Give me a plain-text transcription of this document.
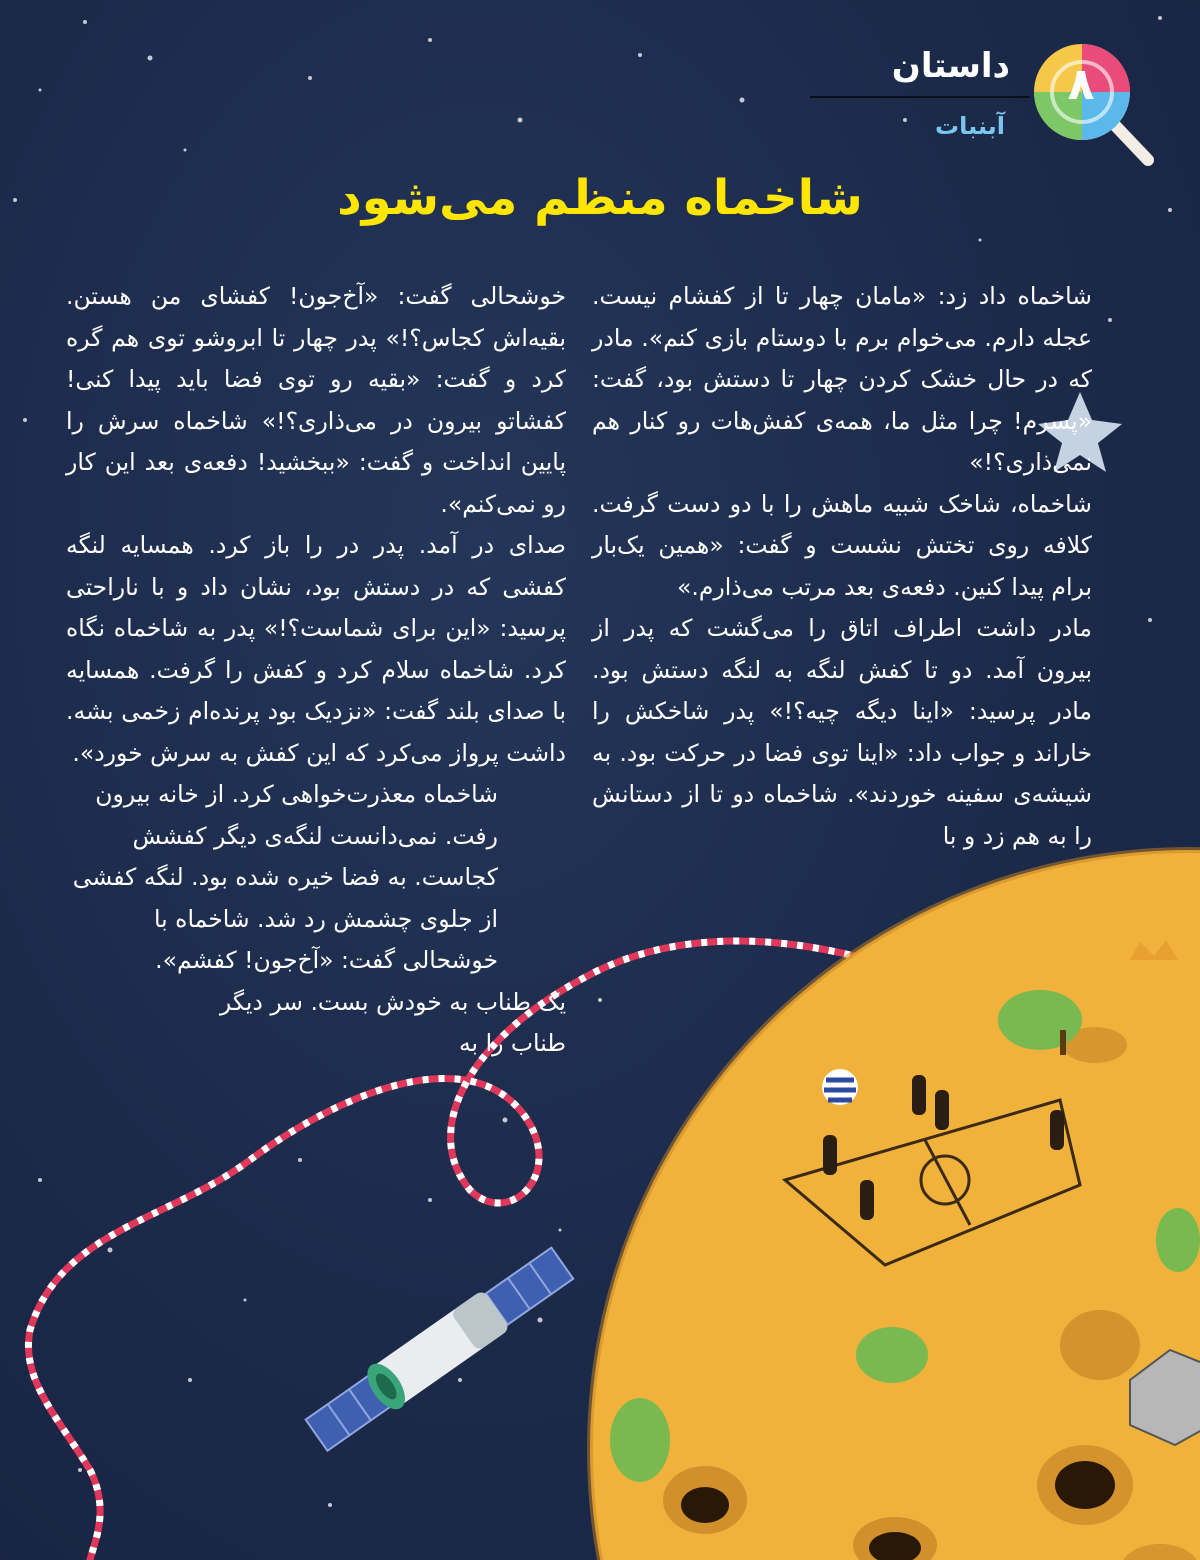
داستان
آبنبات
۸
شاخماه منظم می‌شود

شاخماه داد زد: «مامان چهار تا از کفشام نیست. عجله دارم. می‌خوام برم با دوستام بازی کنم». مادر که در حال خشک کردن چهار تا دستش بود، گفت: «پسرم! چرا مثل ما، همه‌ی کفش‌هات رو کنار هم نمی‌ذاری؟!»

شاخماه، شاخک شبیه ماهش را با دو دست گرفت. کلافه روی تختش نشست و گفت: «همین یک‌بار برام پیدا کنین. دفعه‌ی بعد مرتب می‌ذارم.»

مادر داشت اطراف اتاق را می‌گشت که پدر از بیرون آمد. دو تا کفش لنگه به لنگه دستش بود. مادر پرسید: «اینا دیگه چیه؟!» پدر شاخکش را خاراند و جواب داد: «اینا توی فضا در حرکت بود. به شیشه‌ی سفینه خوردند». شاخماه دو تا از دستانش را به هم زد و با

خوشحالی گفت: «آخ‌جون! کفشای من هستن. بقیه‌اش کجاس؟!» پدر چهار تا ابروشو توی هم گره کرد و گفت: «بقیه رو توی فضا باید پیدا کنی! کفشاتو بیرون در می‌ذاری؟!» شاخماه سرش را پایین انداخت و گفت: «ببخشید! دفعه‌ی بعد این کار رو نمی‌کنم».

صدای در آمد. پدر در را باز کرد. همسایه لنگه کفشی که در دستش بود، نشان داد و با ناراحتی پرسید: «این برای شماست؟!» پدر به شاخماه نگاه کرد. شاخماه سلام کرد و کفش را گرفت. همسایه با صدای بلند گفت: «نزدیک بود پرنده‌ام زخمی بشه. داشت پرواز می‌کرد که این کفش به سرش خورد».

شاخماه معذرت‌خواهی کرد. از خانه بیرون رفت. نمی‌دانست لنگه‌ی دیگر کفشش کجاست. به فضا خیره شده بود. لنگه کفشی از جلوی چشمش رد شد. شاخماه با خوشحالی گفت: «آخ‌جون! کفشم».

یک طناب به خودش بست. سر دیگر طناب را به
